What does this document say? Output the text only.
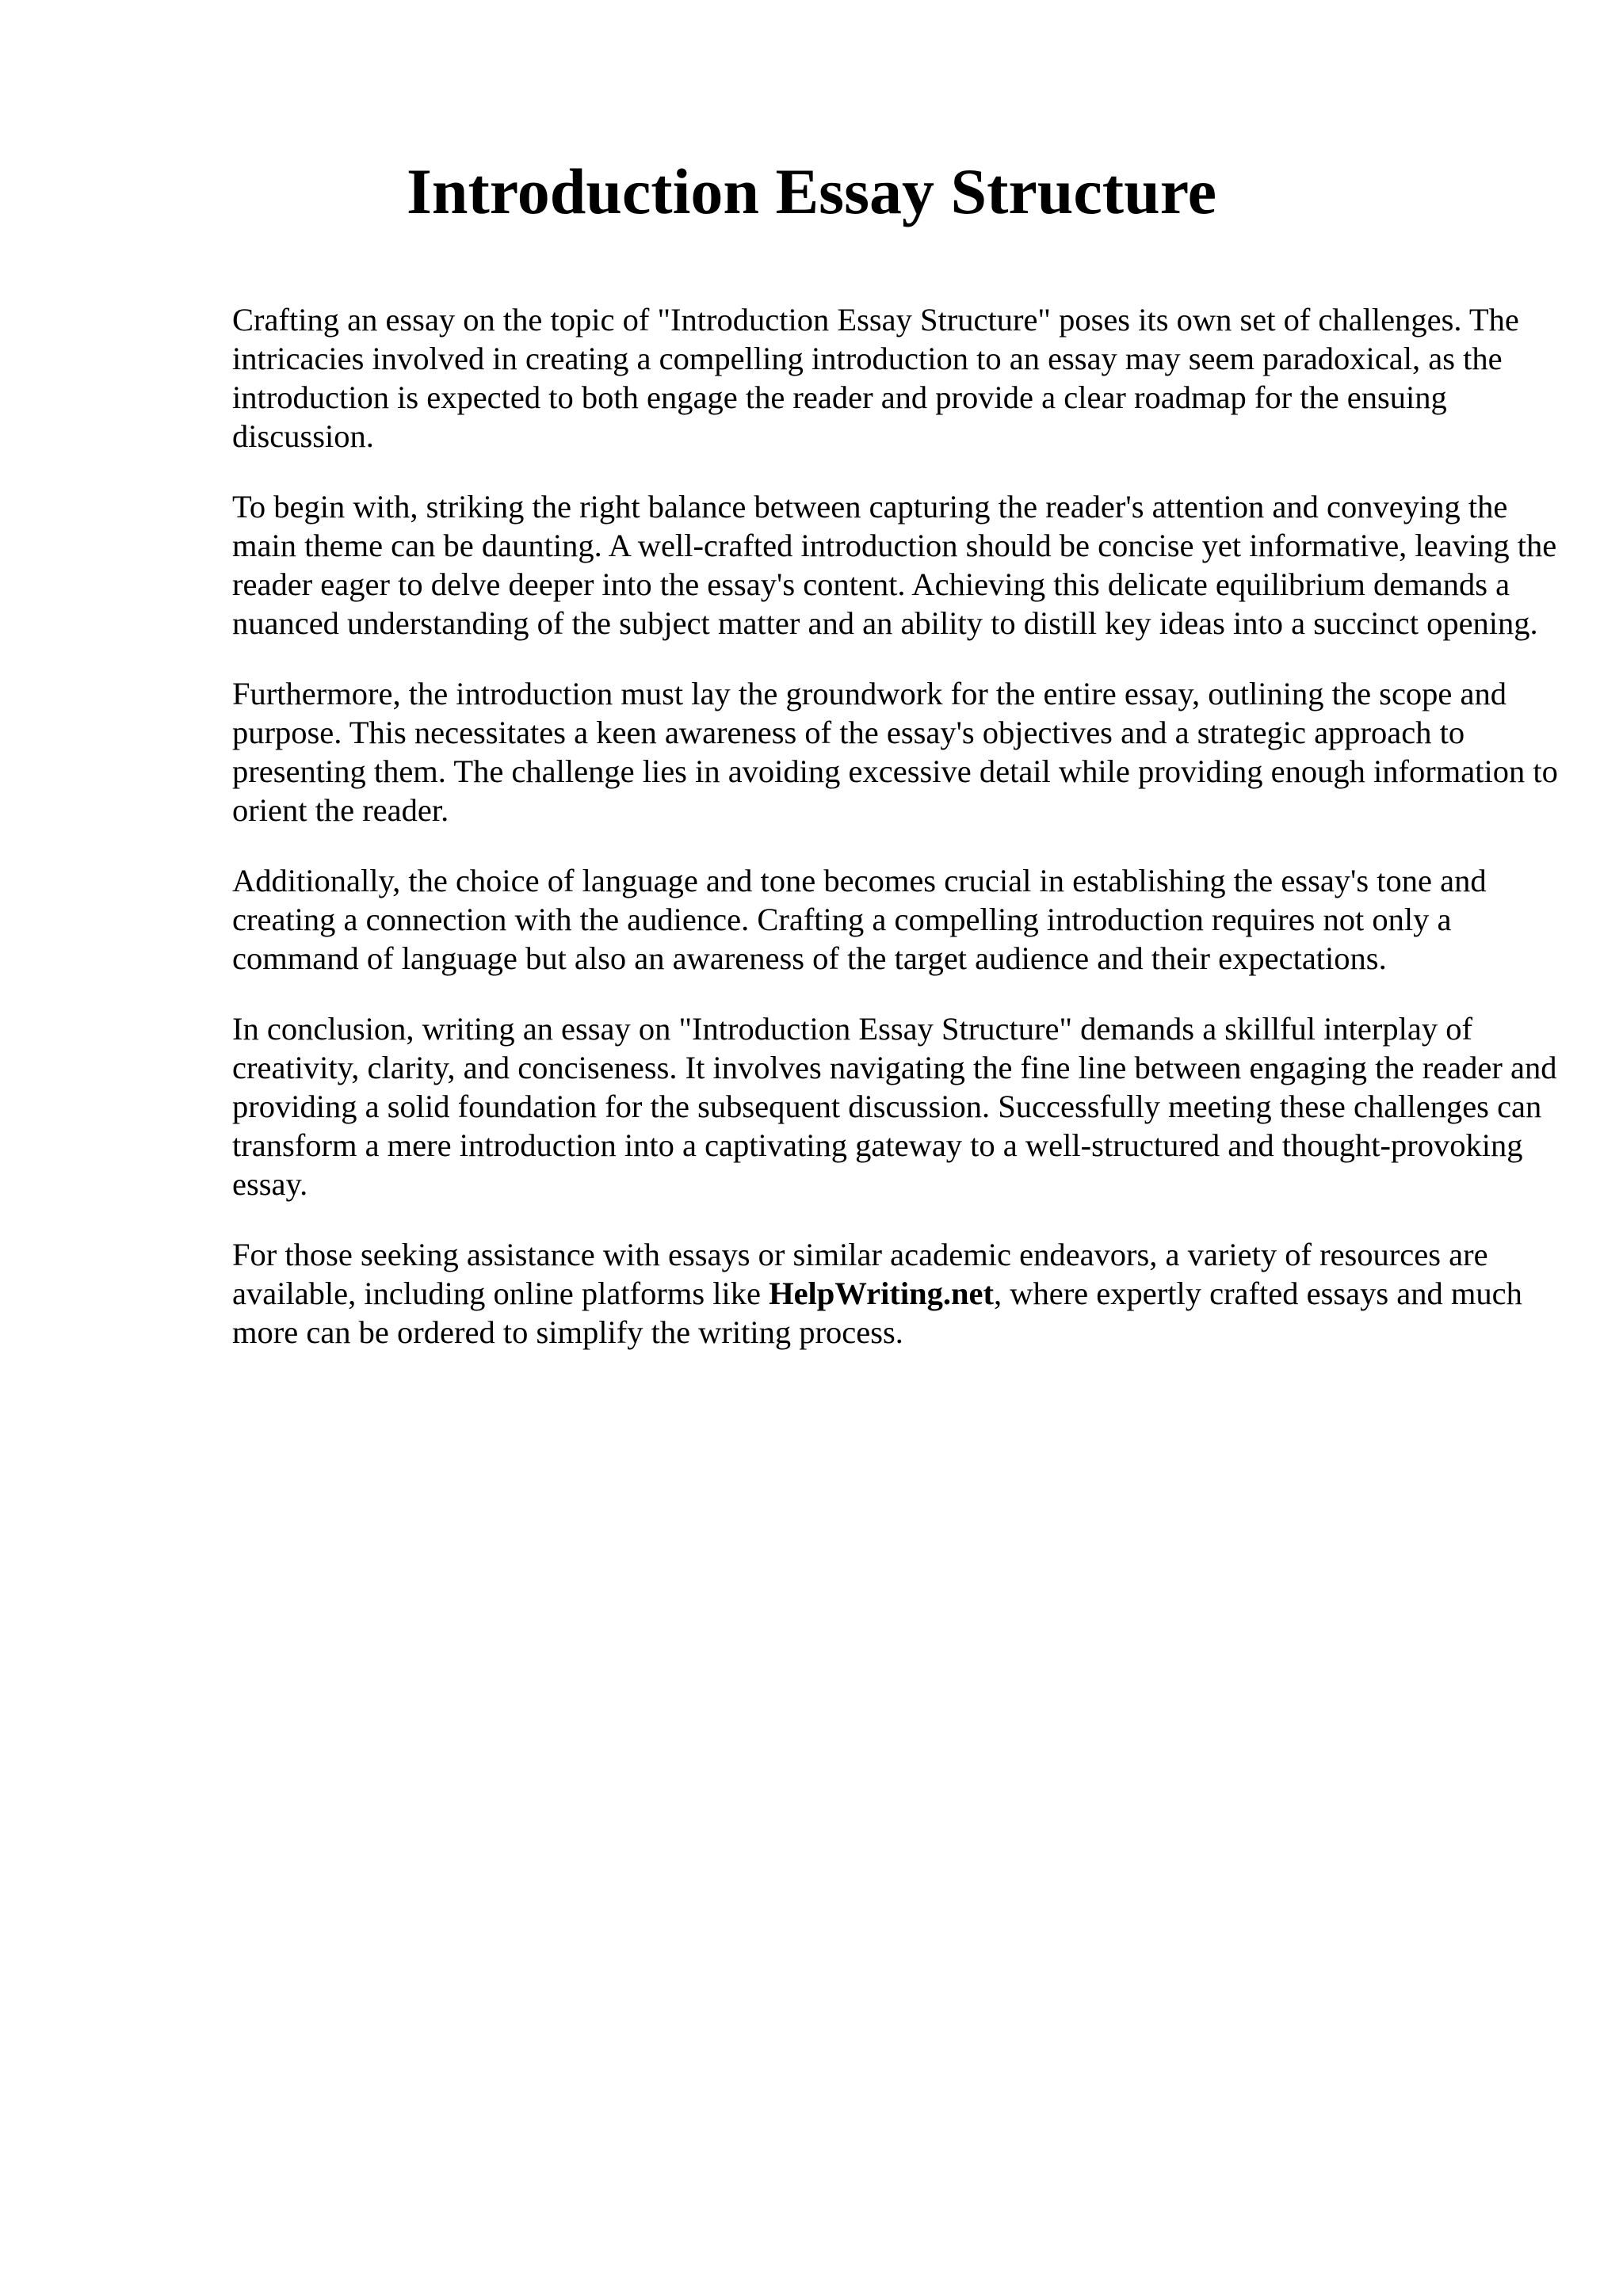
Introduction Essay Structure

Crafting an essay on the topic of "Introduction Essay Structure" poses its own set of challenges. The intricacies involved in creating a compelling introduction to an essay may seem paradoxical, as the introduction is expected to both engage the reader and provide a clear roadmap for the ensuing discussion.

To begin with, striking the right balance between capturing the reader's attention and conveying the main theme can be daunting. A well-crafted introduction should be concise yet informative, leaving the reader eager to delve deeper into the essay's content. Achieving this delicate equilibrium demands a nuanced understanding of the subject matter and an ability to distill key ideas into a succinct opening.

Furthermore, the introduction must lay the groundwork for the entire essay, outlining the scope and purpose. This necessitates a keen awareness of the essay's objectives and a strategic approach to presenting them. The challenge lies in avoiding excessive detail while providing enough information to orient the reader.

Additionally, the choice of language and tone becomes crucial in establishing the essay's tone and creating a connection with the audience. Crafting a compelling introduction requires not only a command of language but also an awareness of the target audience and their expectations.

In conclusion, writing an essay on "Introduction Essay Structure" demands a skillful interplay of creativity, clarity, and conciseness. It involves navigating the fine line between engaging the reader and providing a solid foundation for the subsequent discussion. Successfully meeting these challenges can transform a mere introduction into a captivating gateway to a well-structured and thought-provoking essay.

For those seeking assistance with essays or similar academic endeavors, a variety of resources are available, including online platforms like HelpWriting.net, where expertly crafted essays and much more can be ordered to simplify the writing process.
